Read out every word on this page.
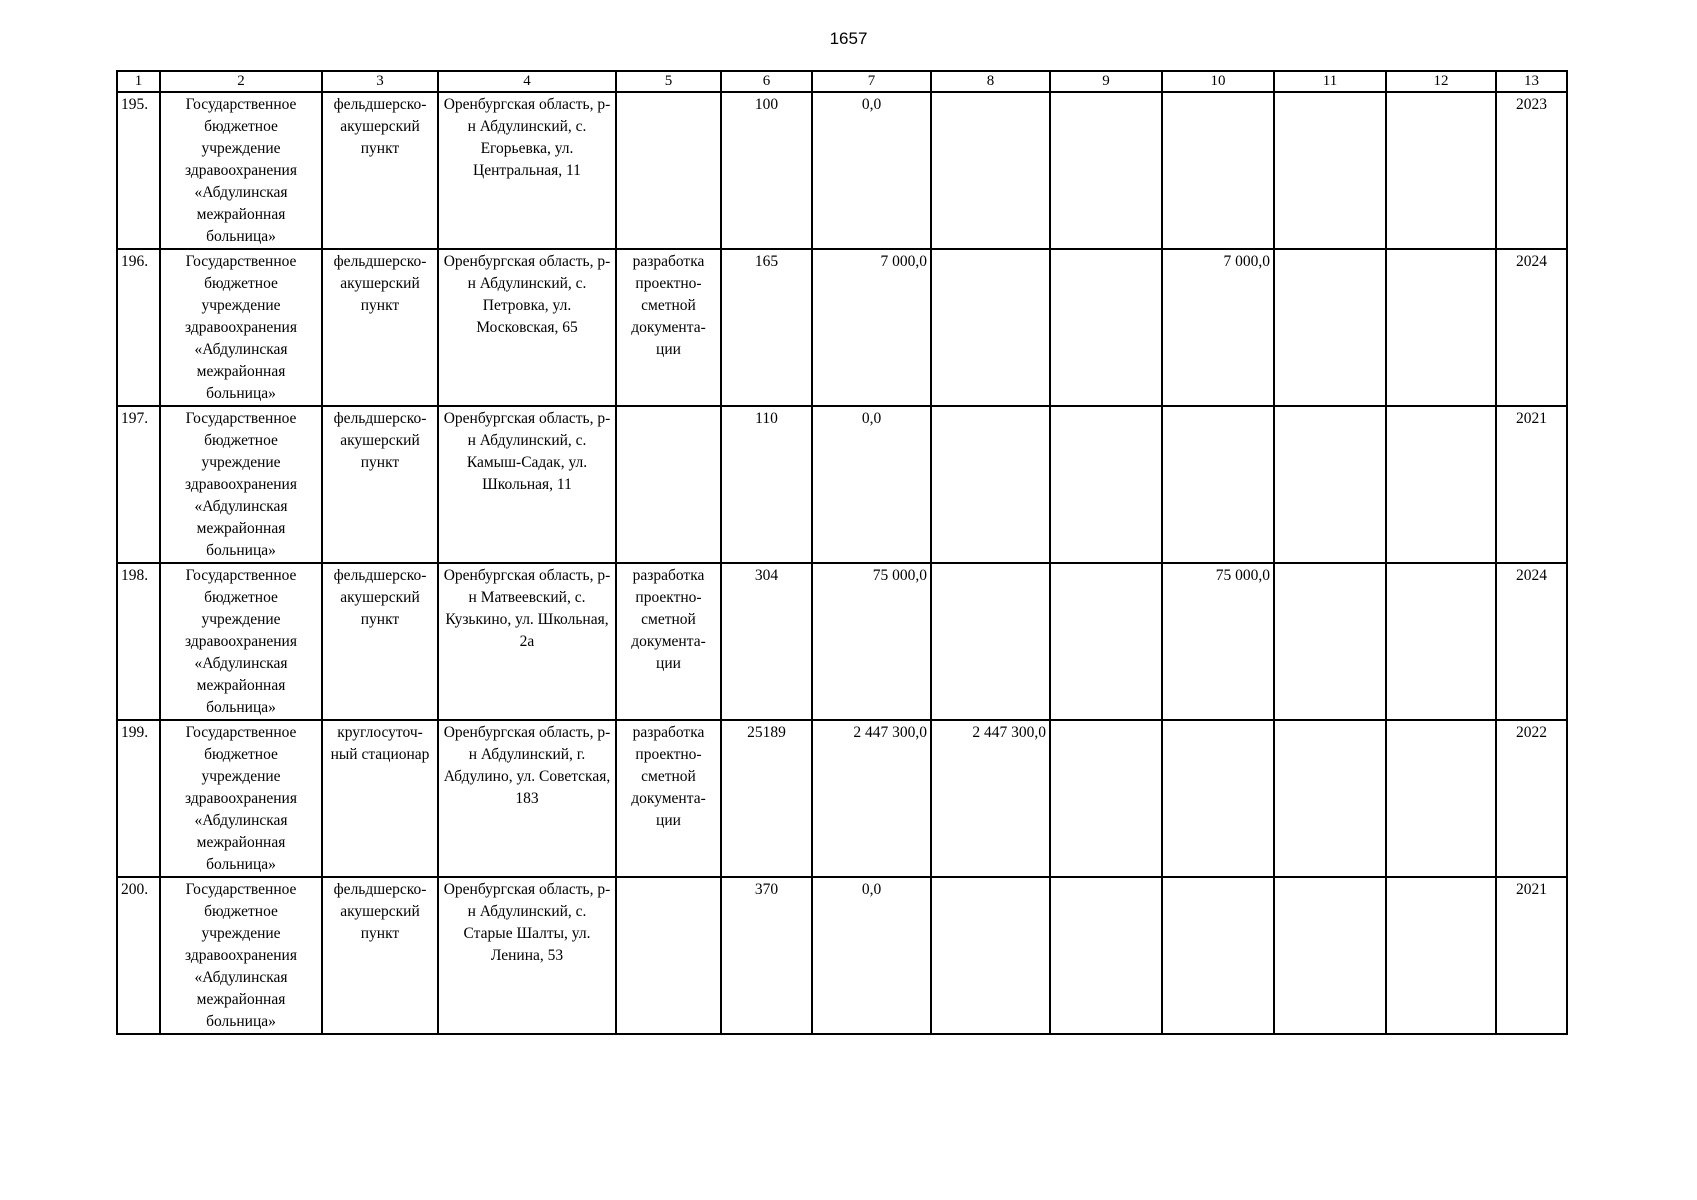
1657
1	2	3	4	5	6	7	8	9	10	11	12	13
195.	Государственное бюджетное учреждение здравоохранения «Абдулинская межрайонная больница»	фельдшерско-акушерский пункт	Оренбургская область, р-н Абдулинский, с. Егорьевка, ул. Центральная, 11		100	0,0						2023
196.	Государственное бюджетное учреждение здравоохранения «Абдулинская межрайонная больница»	фельдшерско-акушерский пункт	Оренбургская область, р-н Абдулинский, с. Петровка, ул. Московская, 65	разработка проектно-сметной документа-ции	165	7 000,0			7 000,0			2024
197.	Государственное бюджетное учреждение здравоохранения «Абдулинская межрайонная больница»	фельдшерско-акушерский пункт	Оренбургская область, р-н Абдулинский, с. Камыш-Садак, ул. Школьная, 11		110	0,0						2021
198.	Государственное бюджетное учреждение здравоохранения «Абдулинская межрайонная больница»	фельдшерско-акушерский пункт	Оренбургская область, р-н Матвеевский, с. Кузькино, ул. Школьная, 2а	разработка проектно-сметной документа-ции	304	75 000,0			75 000,0			2024
199.	Государственное бюджетное учреждение здравоохранения «Абдулинская межрайонная больница»	круглосуточ-ный стационар	Оренбургская область, р-н Абдулинский, г. Абдулино, ул. Советская, 183	разработка проектно-сметной документа-ции	25189	2 447 300,0	2 447 300,0					2022
200.	Государственное бюджетное учреждение здравоохранения «Абдулинская межрайонная больница»	фельдшерско-акушерский пункт	Оренбургская область, р-н Абдулинский, с. Старые Шалты, ул. Ленина, 53		370	0,0						2021
